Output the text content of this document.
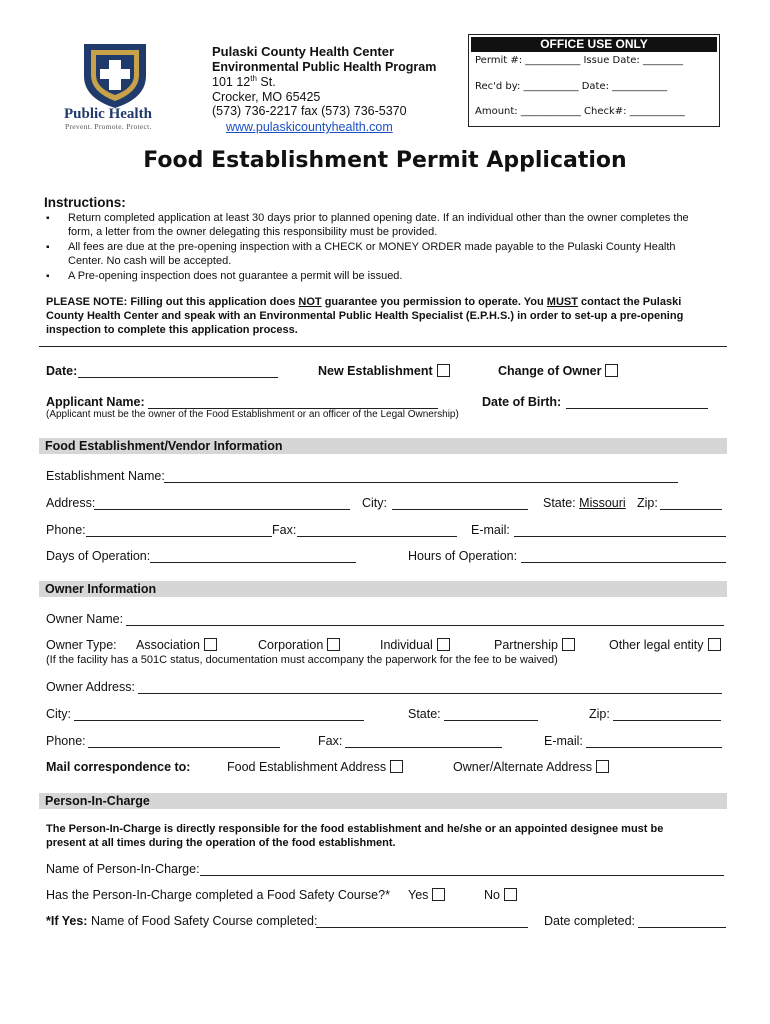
Public Health
Prevent. Promote. Protect.
Pulaski County Health Center
Environmental Public Health Program
101 12th St.
Crocker, MO 65425
(573) 736-2217 fax (573) 736-5370
www.pulaskicountyhealth.com
OFFICE USE ONLY
Permit #: ___________ Issue Date: ________
Rec'd by: ___________ Date: ___________
Amount: ____________ Check#: ___________
Food Establishment Permit Application
Instructions:
▪ Return completed application at least 30 days prior to planned opening date. If an individual other than the owner completes the form, a letter from the owner delegating this responsibility must be provided.
▪ All fees are due at the pre-opening inspection with a CHECK or MONEY ORDER made payable to the Pulaski County Health Center. No cash will be accepted.
▪ A Pre-opening inspection does not guarantee a permit will be issued.
PLEASE NOTE: Filling out this application does NOT guarantee you permission to operate. You MUST contact the Pulaski County Health Center and speak with an Environmental Public Health Specialist (E.P.H.S.) in order to set-up a pre-opening inspection to complete this application process.
Date:	New Establishment	Change of Owner
Applicant Name:	Date of Birth:
(Applicant must be the owner of the Food Establishment or an officer of the Legal Ownership)
Food Establishment/Vendor Information
Establishment Name:
Address:	City:	State: Missouri Zip:
Phone:	Fax:	E-mail:
Days of Operation:	Hours of Operation:
Owner Information
Owner Name:
Owner Type: Association	Corporation	Individual	Partnership	Other legal entity
(If the facility has a 501C status, documentation must accompany the paperwork for the fee to be waived)
Owner Address:
City:	State:	Zip:
Phone:	Fax:	E-mail:
Mail correspondence to:	Food Establishment Address	Owner/Alternate Address
Person-In-Charge
The Person-In-Charge is directly responsible for the food establishment and he/she or an appointed designee must be present at all times during the operation of the food establishment.
Name of Person-In-Charge:
Has the Person-In-Charge completed a Food Safety Course?* Yes	No
*If Yes: Name of Food Safety Course completed:	Date completed:
